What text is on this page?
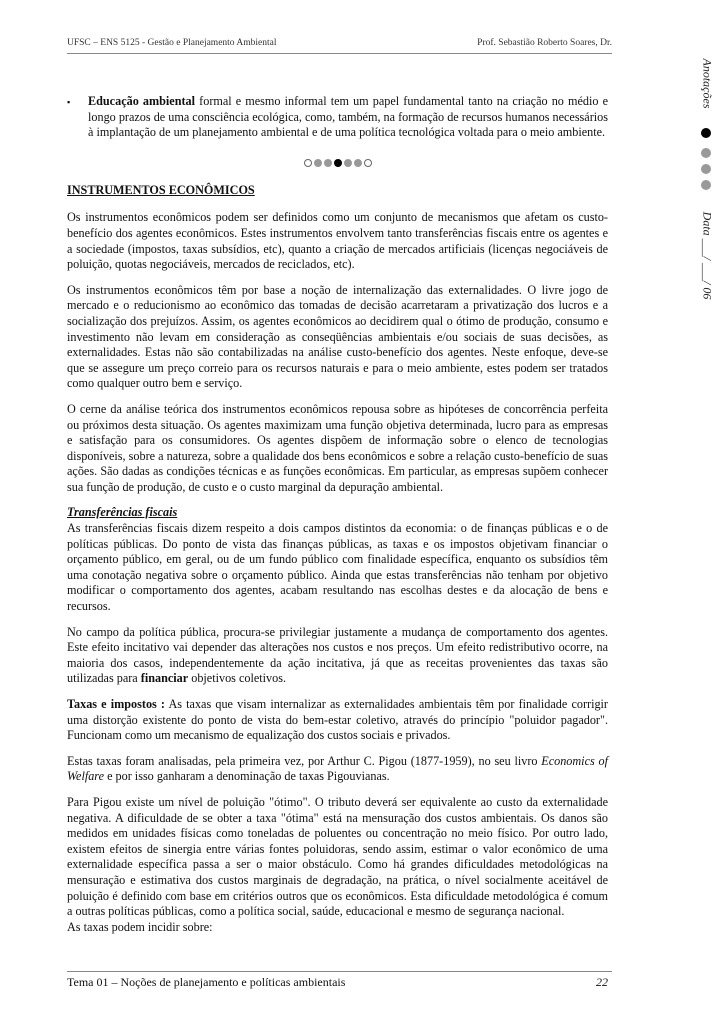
UFSC – ENS 5125 - Gestão e Planejamento Ambiental	Prof. Sebastião Roberto Soares, Dr.
Anotações
Data ___/ ___/ 06
▪	Educação ambiental formal e mesmo informal tem um papel fundamental tanto na criação no médio e longo prazos de uma consciência ecológica, como, também, na formação de recursos humanos necessários à implantação de um planejamento ambiental e de uma política tecnológica voltada para o meio ambiente.
INSTRUMENTOS ECONÔMICOS

Os instrumentos econômicos podem ser definidos como um conjunto de mecanismos que afetam os custo-benefício dos agentes econômicos. Estes instrumentos envolvem tanto transferências fiscais entre os agentes e a sociedade (impostos, taxas subsídios, etc), quanto a criação de mercados artificiais (licenças negociáveis de poluição, quotas negociáveis, mercados de reciclados, etc).

Os instrumentos econômicos têm por base a noção de internalização das externalidades. O livre jogo de mercado e o reducionismo ao econômico das tomadas de decisão acarretaram a privatização dos lucros e a socialização dos prejuízos. Assim, os agentes econômicos ao decidirem qual o ótimo de produção, consumo e investimento não levam em consideração as conseqüências ambientais e/ou sociais de suas decisões, as externalidades. Estas não são contabilizadas na análise custo-benefício dos agentes. Neste enfoque, deve-se que se assegure um preço correio para os recursos naturais e para o meio ambiente, estes podem ser tratados como qualquer outro bem e serviço.

O cerne da análise teórica dos instrumentos econômicos repousa sobre as hipóteses de concorrência perfeita ou próximos desta situação. Os agentes maximizam uma função objetiva determinada, lucro para as empresas e satisfação para os consumidores. Os agentes dispõem de informação sobre o elenco de tecnologias disponíveis, sobre a natureza, sobre a qualidade dos bens econômicos e sobre a relação custo-benefício de suas ações. São dadas as condições técnicas e as funções econômicas. Em particular, as empresas supõem conhecer sua função de produção, de custo e o custo marginal da depuração ambiental.

Transferências fiscais

As transferências fiscais dizem respeito a dois campos distintos da economia: o de finanças públicas e o de políticas públicas. Do ponto de vista das finanças públicas, as taxas e os impostos objetivam financiar o orçamento público, em geral, ou de um fundo público com finalidade específica, enquanto os subsídios têm uma conotação negativa sobre o orçamento público. Ainda que estas transferências não tenham por objetivo modificar o comportamento dos agentes, acabam resultando nas escolhas destes e da alocação de bens e recursos.

No campo da política pública, procura-se privilegiar justamente a mudança de comportamento dos agentes. Este efeito incitativo vai depender das alterações nos custos e nos preços. Um efeito redistributivo ocorre, na maioria dos casos, independentemente da ação incitativa, já que as receitas provenientes das taxas são utilizadas para financiar objetivos coletivos.

Taxas e impostos : As taxas que visam internalizar as externalidades ambientais têm por finalidade corrigir uma distorção existente do ponto de vista do bem-estar coletivo, através do princípio "poluidor pagador". Funcionam como um mecanismo de equalização dos custos sociais e privados.

Estas taxas foram analisadas, pela primeira vez, por Arthur C. Pigou (1877-1959), no seu livro Economics of Welfare e por isso ganharam a denominação de taxas Pigouvianas.

Para Pigou existe um nível de poluição "ótimo". O tributo deverá ser equivalente ao custo da externalidade negativa. A dificuldade de se obter a taxa "ótima" está na mensuração dos custos ambientais. Os danos são medidos em unidades físicas como toneladas de poluentes ou concentração no meio físico. Por outro lado, existem efeitos de sinergia entre várias fontes poluidoras, sendo assim, estimar o valor econômico de uma externalidade específica passa a ser o maior obstáculo. Como há grandes dificuldades metodológicas na mensuração e estimativa dos custos marginais de degradação, na prática, o nível socialmente aceitável de poluição é definido com base em critérios outros que os econômicos. Esta dificuldade metodológica é comum a outras políticas públicas, como a política social, saúde, educacional e mesmo de segurança nacional.

As taxas podem incidir sobre:

Tema 01 – Noções de planejamento e políticas ambientais	22
